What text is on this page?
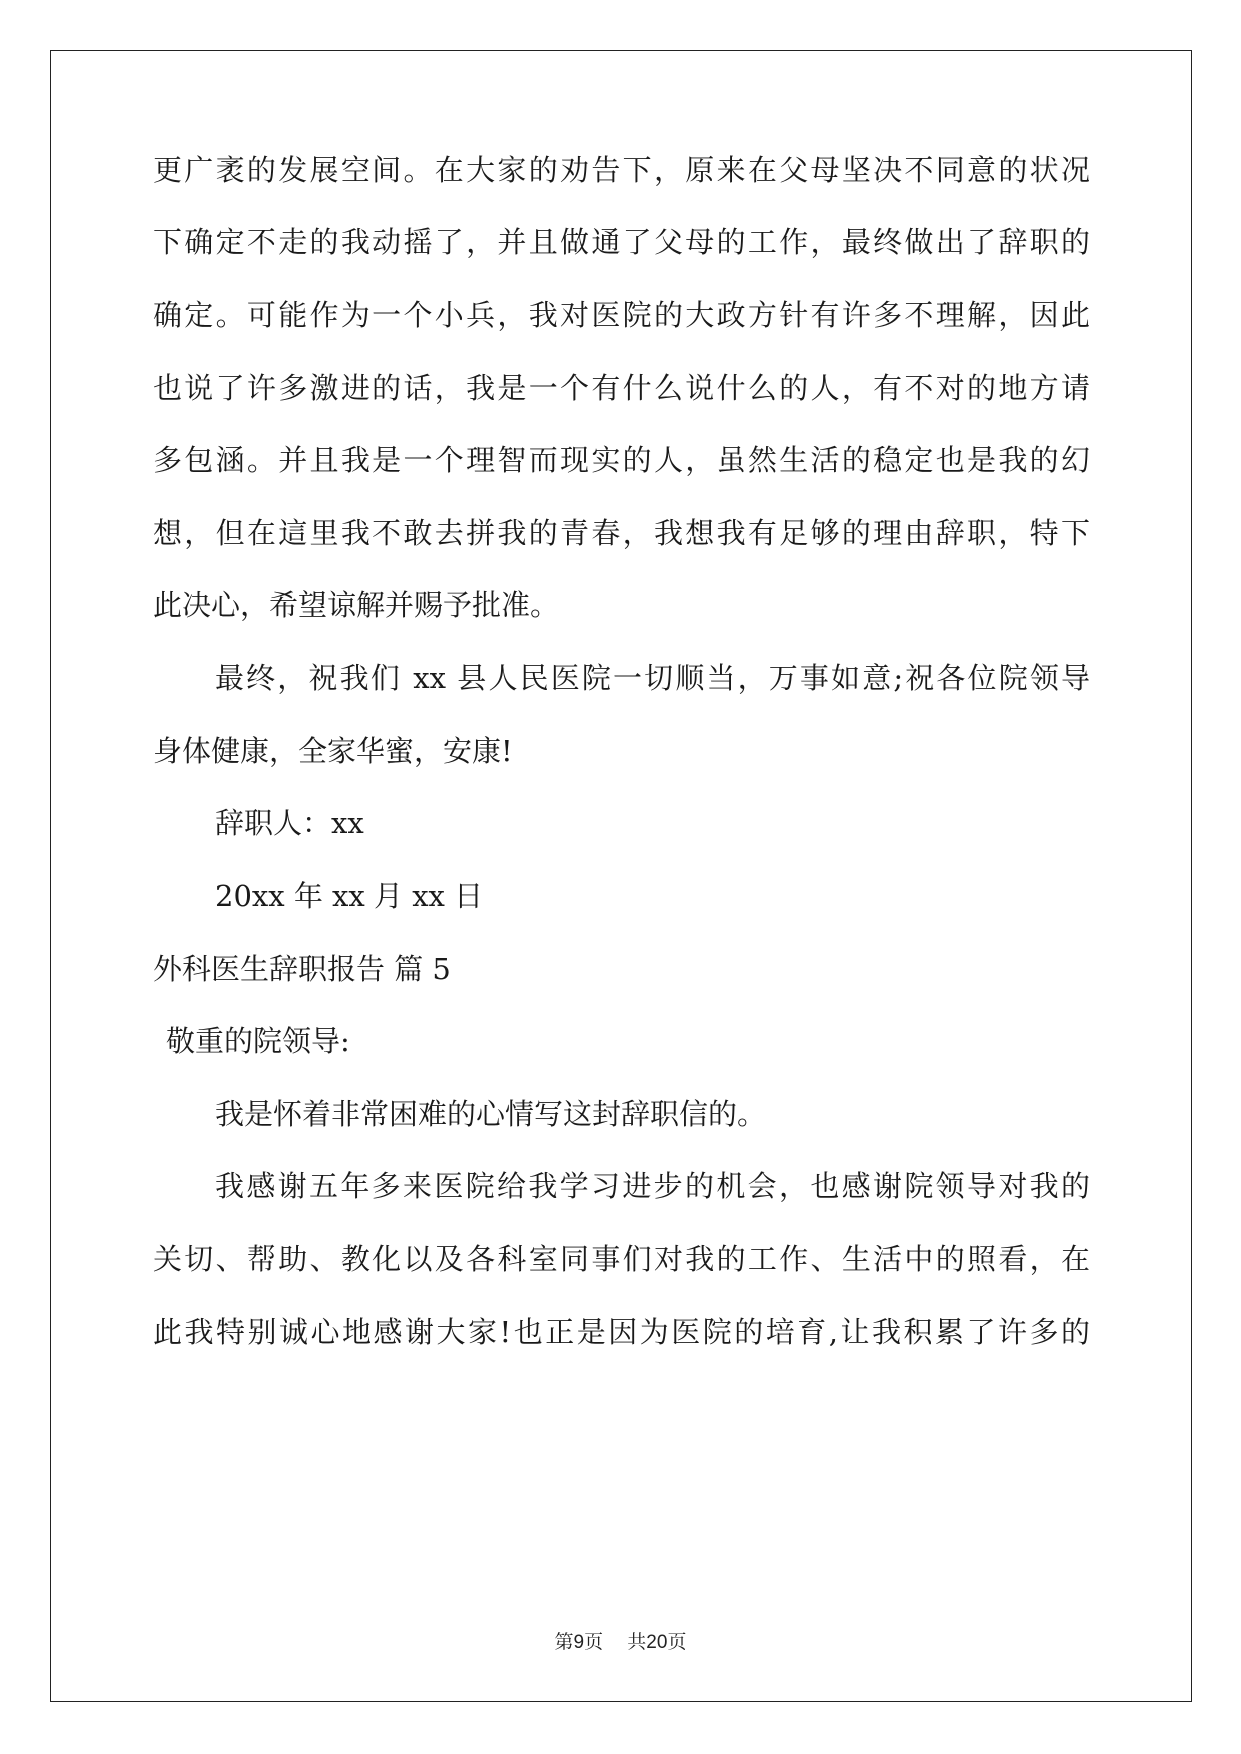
更广袤的发展空间。在大家的劝告下，原来在父母坚决不同意的状况
下确定不走的我动摇了，并且做通了父母的工作，最终做出了辞职的
确定。可能作为一个小兵，我对医院的大政方针有许多不理解，因此
也说了许多激进的话，我是一个有什么说什么的人，有不对的地方请
多包涵。并且我是一个理智而现实的人，虽然生活的稳定也是我的幻
想，但在這里我不敢去拼我的青春，我想我有足够的理由辞职，特下
此决心，希望谅解并赐予批准。
最终，祝我们 xx 县人民医院一切顺当，万事如意;祝各位院领导
身体健康，全家华蜜，安康!
辞职人：xx
20xx 年 xx 月 xx 日
外科医生辞职报告 篇 5
敬重的院领导:
我是怀着非常困难的心情写这封辞职信的。
我感谢五年多来医院给我学习进步的机会，也感谢院领导对我的
关切、帮助、教化以及各科室同事们对我的工作、生活中的照看，在
此我特别诚心地感谢大家!也正是因为医院的培育,让我积累了许多的
第9页    共20页
